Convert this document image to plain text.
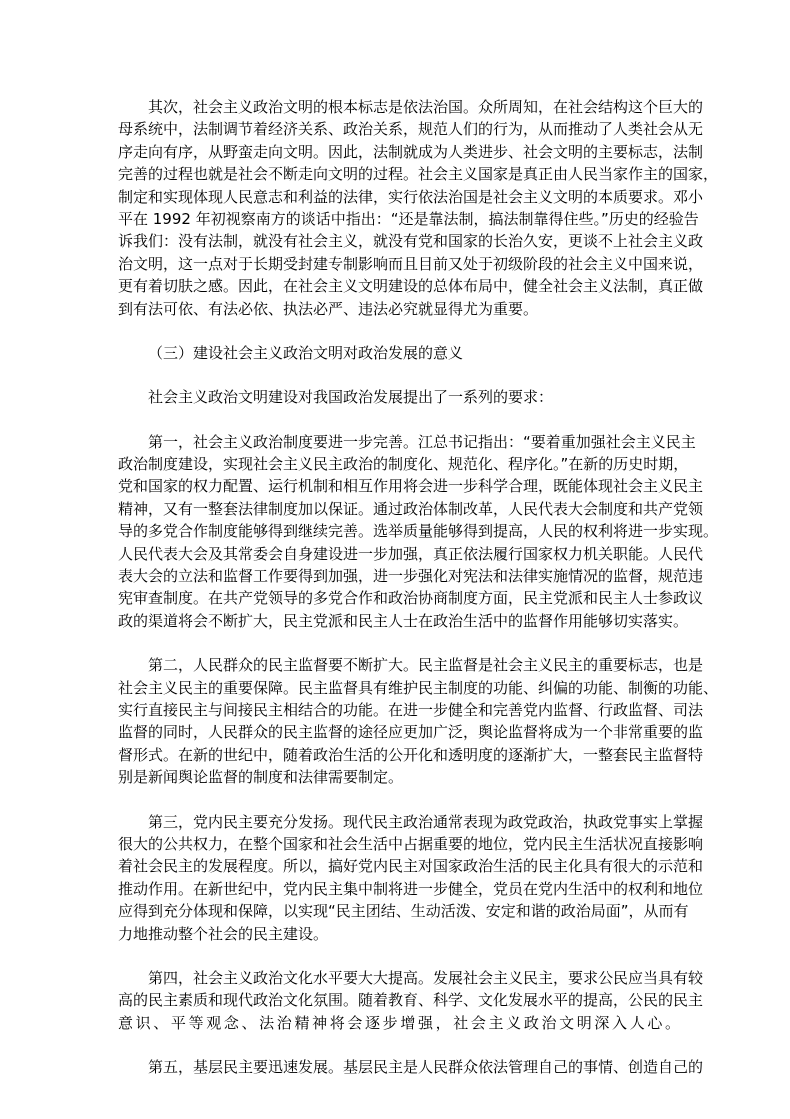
其次，社会主义政治文明的根本标志是依法治国。众所周知，在社会结构这个巨大的
母系统中，法制调节着经济关系、政治关系，规范人们的行为，从而推动了人类社会从无
序走向有序，从野蛮走向文明。因此，法制就成为人类进步、社会文明的主要标志，法制
完善的过程也就是社会不断走向文明的过程。社会主义国家是真正由人民当家作主的国家，
制定和实现体现人民意志和利益的法律，实行依法治国是社会主义文明的本质要求。邓小
平在 1992 年初视察南方的谈话中指出：“还是靠法制，搞法制靠得住些。”历史的经验告
诉我们：没有法制，就没有社会主义，就没有党和国家的长治久安，更谈不上社会主义政
治文明，这一点对于长期受封建专制影响而且目前又处于初级阶段的社会主义中国来说，
更有着切肤之感。因此，在社会主义文明建设的总体布局中，健全社会主义法制，真正做
到有法可依、有法必依、执法必严、违法必究就显得尤为重要。
（三）建设社会主义政治文明对政治发展的意义
社会主义政治文明建设对我国政治发展提出了一系列的要求：
第一，社会主义政治制度要进一步完善。江总书记指出：“要着重加强社会主义民主
政治制度建设，实现社会主义民主政治的制度化、规范化、程序化。”在新的历史时期，
党和国家的权力配置、运行机制和相互作用将会进一步科学合理，既能体现社会主义民主
精神，又有一整套法律制度加以保证。通过政治体制改革，人民代表大会制度和共产党领
导的多党合作制度能够得到继续完善。选举质量能够得到提高，人民的权利将进一步实现。
人民代表大会及其常委会自身建设进一步加强，真正依法履行国家权力机关职能。人民代
表大会的立法和监督工作要得到加强，进一步强化对宪法和法律实施情况的监督，规范违
宪审查制度。在共产党领导的多党合作和政治协商制度方面，民主党派和民主人士参政议
政的渠道将会不断扩大，民主党派和民主人士在政治生活中的监督作用能够切实落实。
第二，人民群众的民主监督要不断扩大。民主监督是社会主义民主的重要标志，也是
社会主义民主的重要保障。民主监督具有维护民主制度的功能、纠偏的功能、制衡的功能、
实行直接民主与间接民主相结合的功能。在进一步健全和完善党内监督、行政监督、司法
监督的同时，人民群众的民主监督的途径应更加广泛，舆论监督将成为一个非常重要的监
督形式。在新的世纪中，随着政治生活的公开化和透明度的逐渐扩大，一整套民主监督特
别是新闻舆论监督的制度和法律需要制定。
第三，党内民主要充分发扬。现代民主政治通常表现为政党政治，执政党事实上掌握
很大的公共权力，在整个国家和社会生活中占据重要的地位，党内民主生活状况直接影响
着社会民主的发展程度。所以，搞好党内民主对国家政治生活的民主化具有很大的示范和
推动作用。在新世纪中，党内民主集中制将进一步健全，党员在党内生活中的权利和地位
应得到充分体现和保障，以实现“民主团结、生动活泼、安定和谐的政治局面”，从而有
力地推动整个社会的民主建设。
第四，社会主义政治文化水平要大大提高。发展社会主义民主，要求公民应当具有较
高的民主素质和现代政治文化氛围。随着教育、科学、文化发展水平的提高，公民的民主
意识、平等观念、法治精神将会逐步增强，社会主义政治文明深入人心。
第五，基层民主要迅速发展。基层民主是人民群众依法管理自己的事情、创造自己的
